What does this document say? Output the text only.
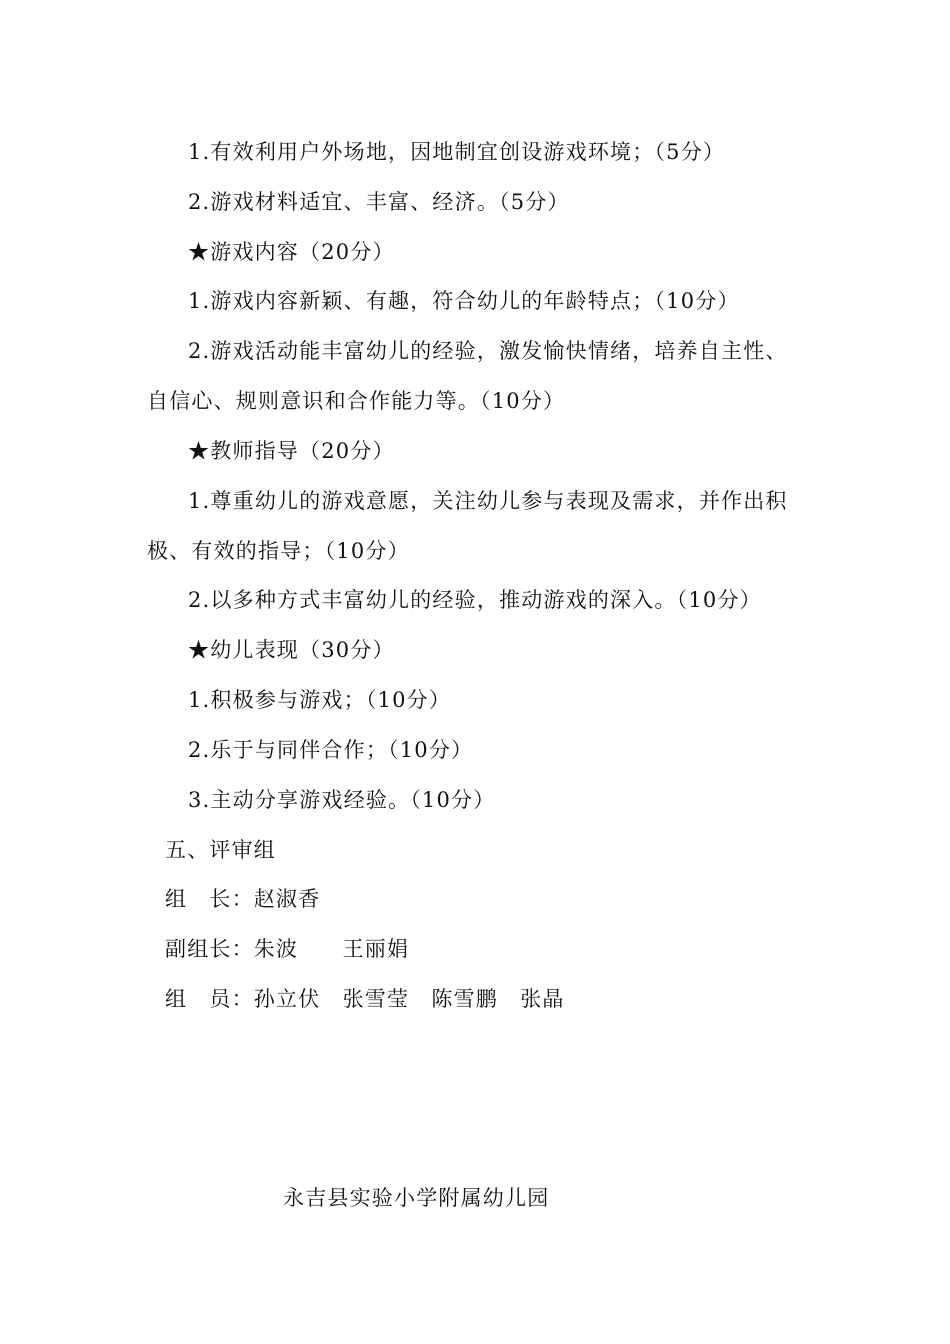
1.有效利用户外场地，因地制宜创设游戏环境；（5分）
2.游戏材料适宜、丰富、经济。（5分）
★游戏内容（20分）
1.游戏内容新颖、有趣，符合幼儿的年龄特点；（10分）
2.游戏活动能丰富幼儿的经验，激发愉快情绪，培养自主性、
自信心、规则意识和合作能力等。（10分）
★教师指导（20分）
1.尊重幼儿的游戏意愿，关注幼儿参与表现及需求，并作出积
极、有效的指导；（10分）
2.以多种方式丰富幼儿的经验，推动游戏的深入。（10分）
★幼儿表现（30分）
1.积极参与游戏；（10分）
2.乐于与同伴合作；（10分）
3.主动分享游戏经验。（10分）
五、评审组
组　长：赵淑香
副组长：朱波　　王丽娟
组　员：孙立伏　张雪莹　陈雪鹏　张晶
永吉县实验小学附属幼儿园
